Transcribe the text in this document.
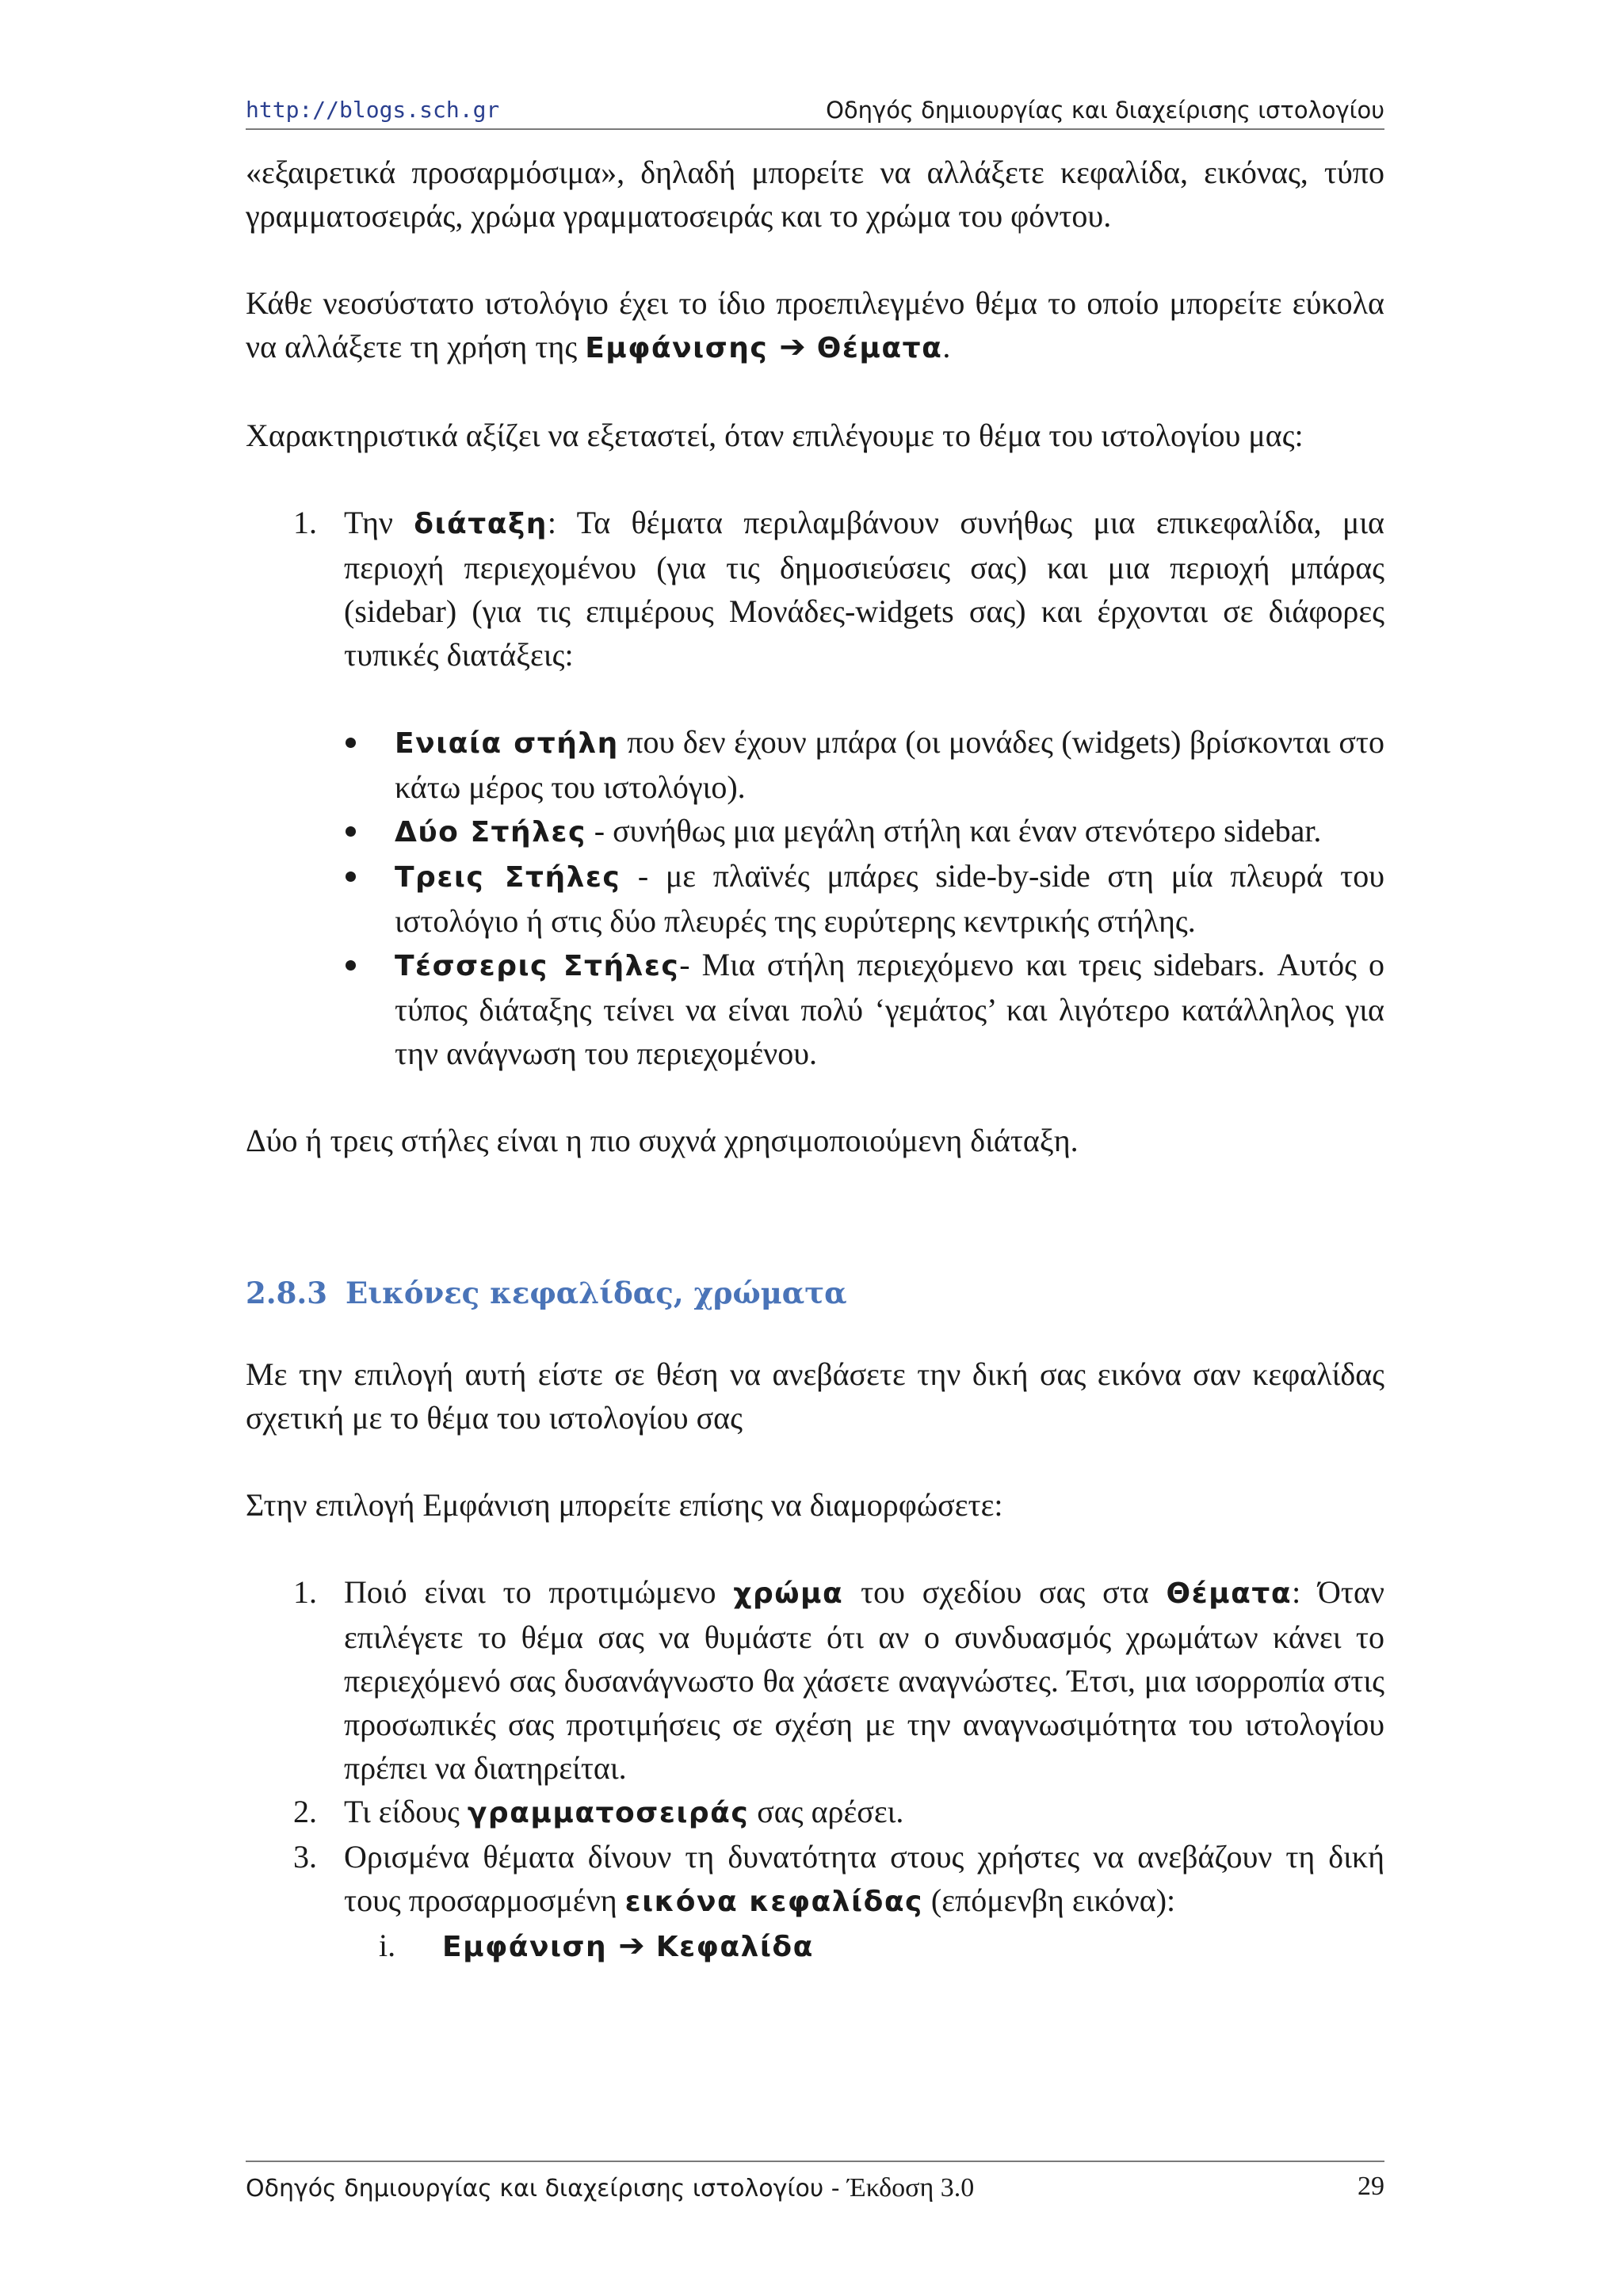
http://blogs.sch.gr	Οδηγός δημιουργίας και διαχείρισης ιστολογίου

«εξαιρετικά προσαρμόσιμα», δηλαδή μπορείτε να αλλάξετε κεφαλίδα, εικόνας, τύπο γραμματοσειράς, χρώμα γραμματοσειράς και το χρώμα του φόντου.

Κάθε νεοσύστατο ιστολόγιο έχει το ίδιο προεπιλεγμένο θέμα το οποίο μπορείτε εύκολα να αλλάξετε τη χρήση της Εμφάνισης ➔ Θέματα.

Χαρακτηριστικά αξίζει να εξεταστεί, όταν επιλέγουμε το θέμα του ιστολογίου μας:

1. Την διάταξη: Τα θέματα περιλαμβάνουν συνήθως μια επικεφαλίδα, μια περιοχή περιεχομένου (για τις δημοσιεύσεις σας) και μια περιοχή μπάρας (sidebar) (για τις επιμέρους Μονάδες-widgets σας) και έρχονται σε διάφορες τυπικές διατάξεις:
Ενιαία στήλη που δεν έχουν μπάρα (οι μονάδες (widgets) βρίσκονται στο κάτω μέρος του ιστολόγιο).
Δύο Στήλες - συνήθως μια μεγάλη στήλη και έναν στενότερο sidebar.
Τρεις Στήλες - με πλαϊνές μπάρες side-by-side στη μία πλευρά του ιστολόγιο ή στις δύο πλευρές της ευρύτερης κεντρικής στήλης.
Τέσσερις Στήλες- Μια στήλη περιεχόμενο και τρεις sidebars. Αυτός ο τύπος διάταξης τείνει να είναι πολύ ‘γεμάτος’ και λιγότερο κατάλληλος για την ανάγνωση του περιεχομένου.

Δύο ή τρεις στήλες είναι η πιο συχνά χρησιμοποιούμενη διάταξη.

2.8.3 Εικόνες κεφαλίδας, χρώματα

Με την επιλογή αυτή είστε σε θέση να ανεβάσετε την δική σας εικόνα σαν κεφαλίδας σχετική με το θέμα του ιστολογίου σας

Στην επιλογή Εμφάνιση μπορείτε επίσης να διαμορφώσετε:

1. Ποιό είναι το προτιμώμενο χρώμα του σχεδίου σας στα Θέματα: Όταν επιλέγετε το θέμα σας να θυμάστε ότι αν ο συνδυασμός χρωμάτων κάνει το περιεχόμενό σας δυσανάγνωστο θα χάσετε αναγνώστες. Έτσι, μια ισορροπία στις προσωπικές σας προτιμήσεις σε σχέση με την αναγνωσιμότητα του ιστολογίου πρέπει να διατηρείται.
2. Τι είδους γραμματοσειράς σας αρέσει.
3. Ορισμένα θέματα δίνουν τη δυνατότητα στους χρήστες να ανεβάζουν τη δική τους προσαρμοσμένη εικόνα κεφαλίδας (επόμενβη εικόνα):
i. Εμφάνιση ➔ Κεφαλίδα
Οδηγός δημιουργίας και διαχείρισης ιστολογίου - Έκδοση 3.0	29
